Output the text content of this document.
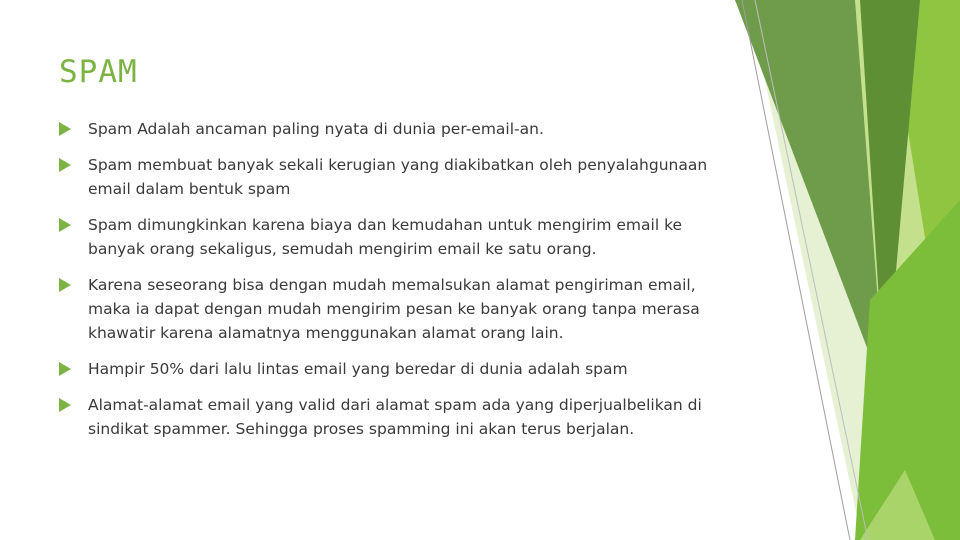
SPAM
Spam Adalah ancaman paling nyata di dunia per-email-an.
Spam membuat banyak sekali kerugian yang diakibatkan oleh penyalahgunaan email dalam bentuk spam
Spam dimungkinkan karena biaya dan kemudahan untuk mengirim email ke banyak orang sekaligus, semudah mengirim email ke satu orang.
Karena seseorang bisa dengan mudah memalsukan alamat pengiriman email, maka ia dapat dengan mudah mengirim pesan ke banyak orang tanpa merasa khawatir karena alamatnya menggunakan alamat orang lain.
Hampir 50% dari lalu lintas email yang beredar di dunia adalah spam
Alamat-alamat email yang valid dari alamat spam ada yang diperjualbelikan di sindikat spammer. Sehingga proses spamming ini akan terus berjalan.
